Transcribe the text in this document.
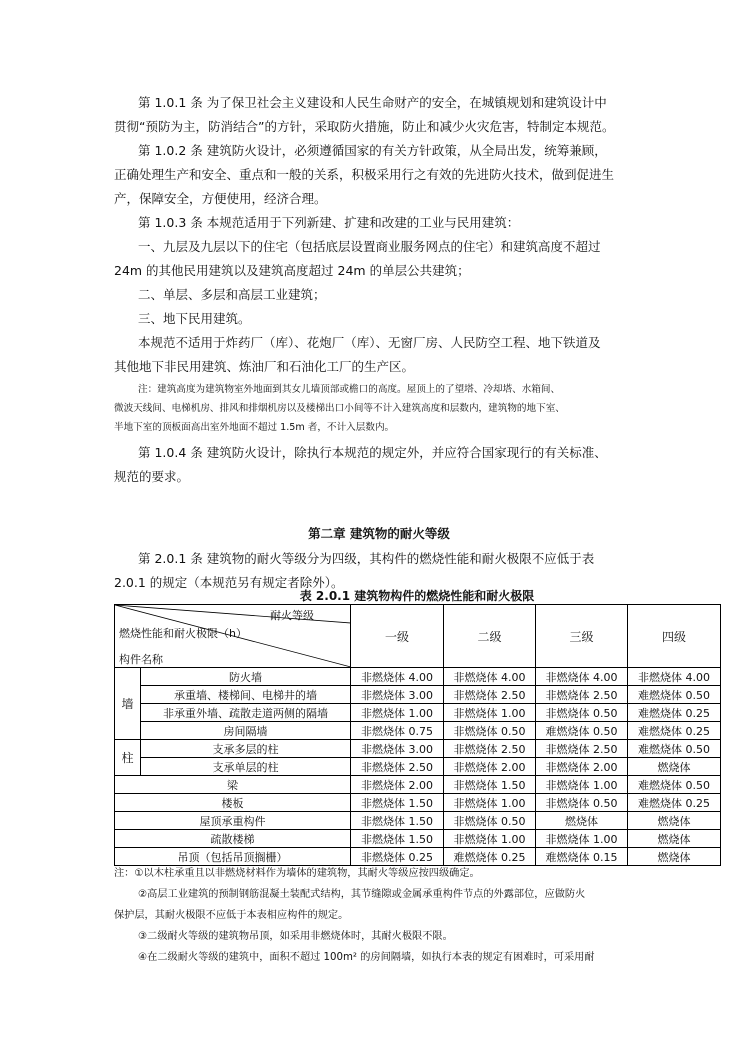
第 1.0.1 条 为了保卫社会主义建设和人民生命财产的安全，在城镇规划和建筑设计中
贯彻“预防为主，防消结合”的方针，采取防火措施，防止和减少火灾危害，特制定本规范。
第 1.0.2 条 建筑防火设计，必须遵循国家的有关方针政策，从全局出发，统筹兼顾，
正确处理生产和安全、重点和一般的关系，积极采用行之有效的先进防火技术，做到促进生
产，保障安全，方便使用，经济合理。
第 1.0.3 条 本规范适用于下列新建、扩建和改建的工业与民用建筑：
一、九层及九层以下的住宅（包括底层设置商业服务网点的住宅）和建筑高度不超过
24m 的其他民用建筑以及建筑高度超过 24m 的单层公共建筑；
二、单层、多层和高层工业建筑；
三、地下民用建筑。
本规范不适用于炸药厂（库）、花炮厂（库）、无窗厂房、人民防空工程、地下铁道及
其他地下非民用建筑、炼油厂和石油化工厂的生产区。
注：建筑高度为建筑物室外地面到其女儿墙顶部或檐口的高度。屋顶上的了望塔、冷却塔、水箱间、
微波天线间、电梯机房、排风和排烟机房以及楼梯出口小间等不计入建筑高度和层数内，建筑物的地下室、
半地下室的顶板面高出室外地面不超过 1.5m 者，不计入层数内。
第 1.0.4 条 建筑防火设计，除执行本规范的规定外，并应符合国家现行的有关标准、
规范的要求。
第二章 建筑物的耐火等级
第 2.0.1 条 建筑物的耐火等级分为四级，其构件的燃烧性能和耐火极限不应低于表
2.0.1 的规定（本规范另有规定者除外）。
表 2.0.1 建筑物构件的燃烧性能和耐火极限
耐火等级
燃烧性能和耐火极限（h）
构件名称		一级	二级	三级	四级
墙	防火墙	非燃烧体 4.00	非燃烧体 4.00	非燃烧体 4.00	非燃烧体 4.00
	承重墙、楼梯间、电梯井的墙	非燃烧体 3.00	非燃烧体 2.50	非燃烧体 2.50	难燃烧体 0.50
	非承重外墙、疏散走道两侧的隔墙	非燃烧体 1.00	非燃烧体 1.00	非燃烧体 0.50	难燃烧体 0.25
	房间隔墙	非燃烧体 0.75	非燃烧体 0.50	难燃烧体 0.50	难燃烧体 0.25
柱	支承多层的柱	非燃烧体 3.00	非燃烧体 2.50	非燃烧体 2.50	难燃烧体 0.50
	支承单层的柱	非燃烧体 2.50	非燃烧体 2.00	非燃烧体 2.00	燃烧体
梁		非燃烧体 2.00	非燃烧体 1.50	非燃烧体 1.00	难燃烧体 0.50
楼板		非燃烧体 1.50	非燃烧体 1.00	非燃烧体 0.50	难燃烧体 0.25
屋顶承重构件		非燃烧体 1.50	非燃烧体 0.50	燃烧体	燃烧体
疏散楼梯		非燃烧体 1.50	非燃烧体 1.00	非燃烧体 1.00	燃烧体
吊顶（包括吊顶搁栅）		非燃烧体 0.25	难燃烧体 0.25	难燃烧体 0.15	燃烧体
注：①以木柱承重且以非燃烧材料作为墙体的建筑物，其耐火等级应按四级确定。
②高层工业建筑的预制钢筋混凝土装配式结构，其节缝隙或金属承重构件节点的外露部位，应做防火
保护层，其耐火极限不应低于本表相应构件的规定。
③二级耐火等级的建筑物吊顶，如采用非燃烧体时，其耐火极限不限。
④在二级耐火等级的建筑中，面积不超过 100m² 的房间隔墙，如执行本表的规定有困难时，可采用耐
